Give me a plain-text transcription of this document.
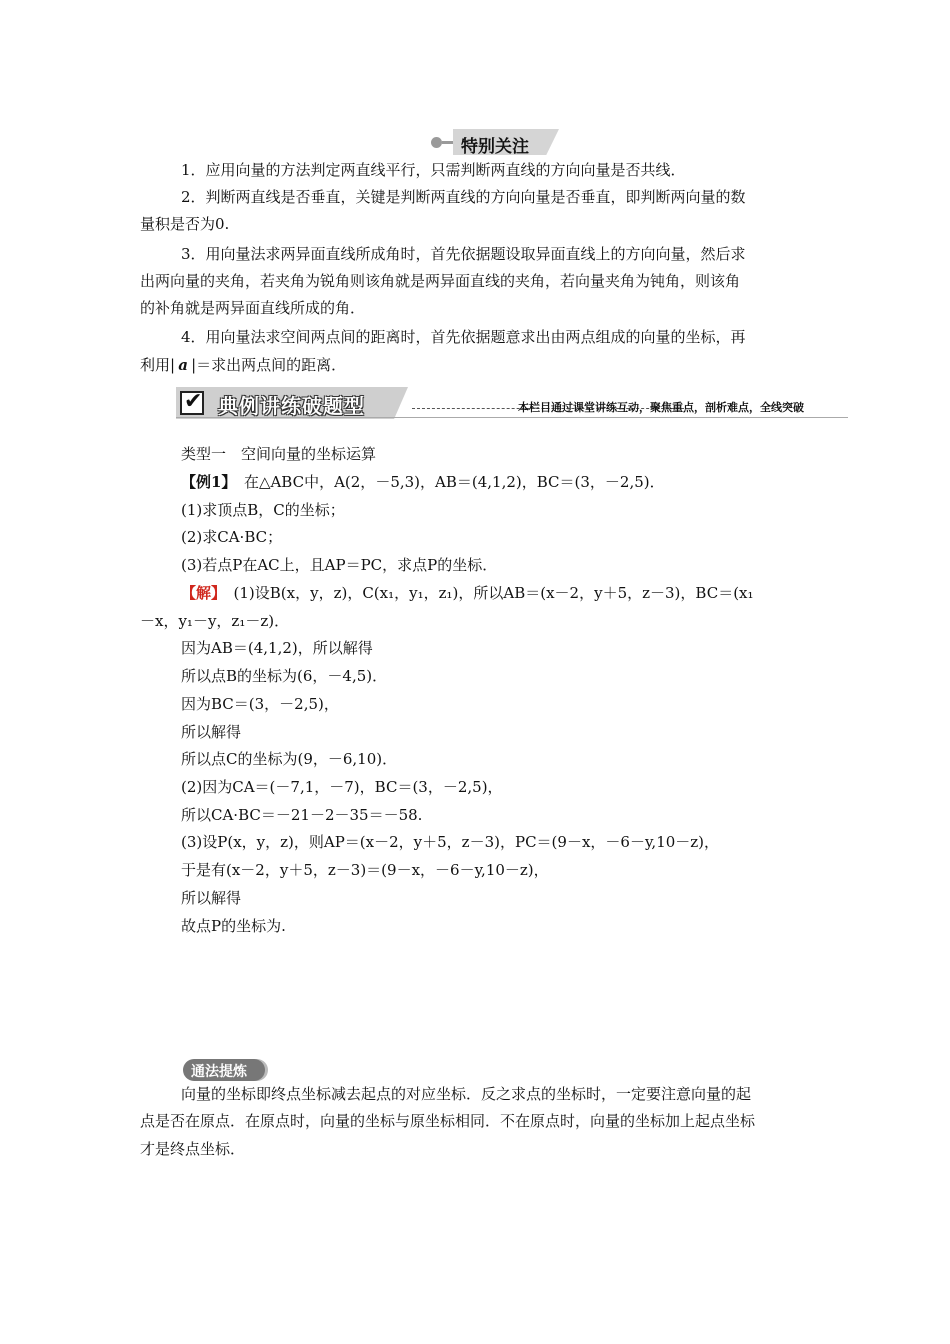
特别关注
1．应用向量的方法判定两直线平行，只需判断两直线的方向向量是否共线．
2．判断两直线是否垂直，关键是判断两直线的方向向量是否垂直，即判断两向量的数
量积是否为0.
3．用向量法求两异面直线所成角时，首先依据题设取异面直线上的方向向量，然后求
出两向量的夹角，若夹角为锐角则该角就是两异面直线的夹角，若向量夹角为钝角，则该角
的补角就是两异面直线所成的角．
4．用向量法求空间两点间的距离时，首先依据题意求出由两点组成的向量的坐标，再
利用| a |＝求出两点间的距离．
✔ 典例讲练破题型	本栏目通过课堂讲练互动，聚焦重点，剖析难点，全线突破
类型一　空间向量的坐标运算
【例1】　在△ABC中，A(2，－5,3)，AB＝(4,1,2)，BC＝(3，－2,5)．
(1)求顶点B，C的坐标；
(2)求CA·BC；
(3)若点P在AC上，且AP＝PC，求点P的坐标．
【解】　(1)设B(x，y，z)，C(x₁，y₁，z₁)，所以AB＝(x－2，y＋5，z－3)，BC＝(x₁
－x，y₁－y，z₁－z)．
因为AB＝(4,1,2)，所以解得
所以点B的坐标为(6，－4,5)．
因为BC＝(3，－2,5)，
所以解得
所以点C的坐标为(9，－6,10)．
(2)因为CA＝(－7,1，－7)，BC＝(3，－2,5)，
所以CA·BC＝－21－2－35＝－58.
(3)设P(x，y，z)，则AP＝(x－2，y＋5，z－3)，PC＝(9－x，－6－y,10－z)，
于是有(x－2，y＋5，z－3)＝(9－x，－6－y,10－z)，
所以解得
故点P的坐标为.
通法提炼
向量的坐标即终点坐标减去起点的对应坐标．反之求点的坐标时，一定要注意向量的起
点是否在原点．在原点时，向量的坐标与原坐标相同．不在原点时，向量的坐标加上起点坐标
才是终点坐标．
